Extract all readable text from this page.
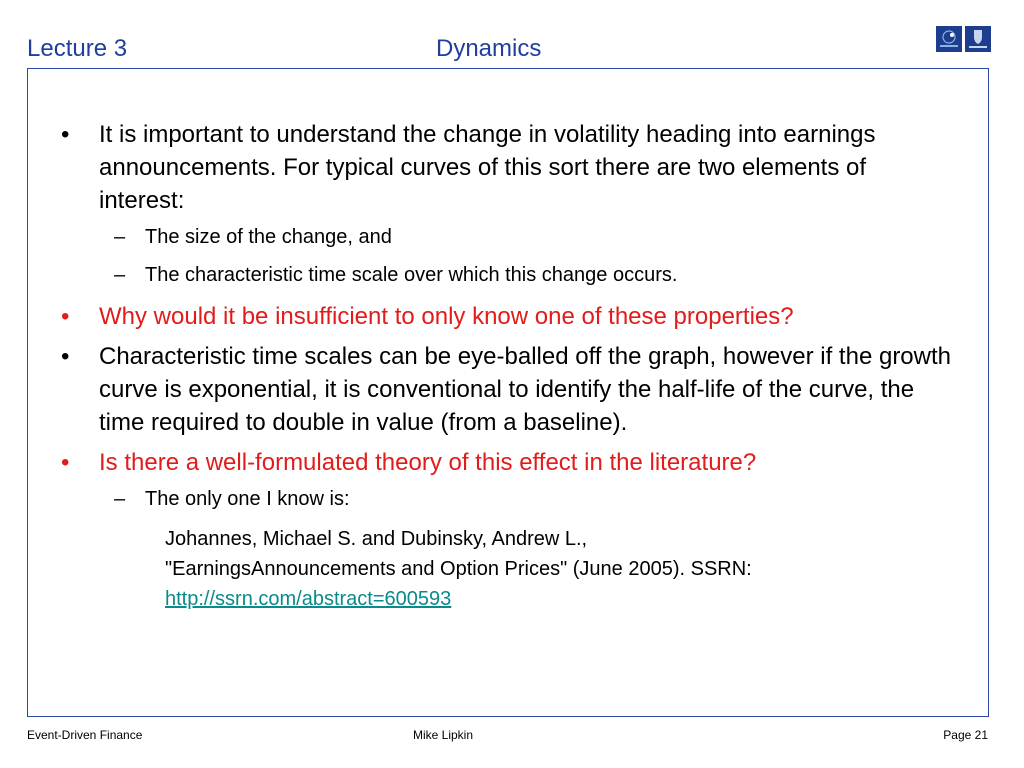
Lecture 3	Dynamics
• It is important to understand the change in volatility heading into earnings announcements. For typical curves of this sort there are two elements of interest:
– The size of the change, and
– The characteristic time scale over which this change occurs.
• Why would it be insufficient to only know one of these properties?
• Characteristic time scales can be eye-balled off the graph, however if the growth curve is exponential, it is conventional to identify the half-life of the curve, the time required to double in value (from a baseline).
• Is there a well-formulated theory of this effect in the literature?
– The only one I know is:
Johannes, Michael S. and Dubinsky, Andrew L.,
"EarningsAnnouncements and Option Prices" (June 2005). SSRN:
http://ssrn.com/abstract=600593
Event-Driven Finance	Mike Lipkin	Page 21
